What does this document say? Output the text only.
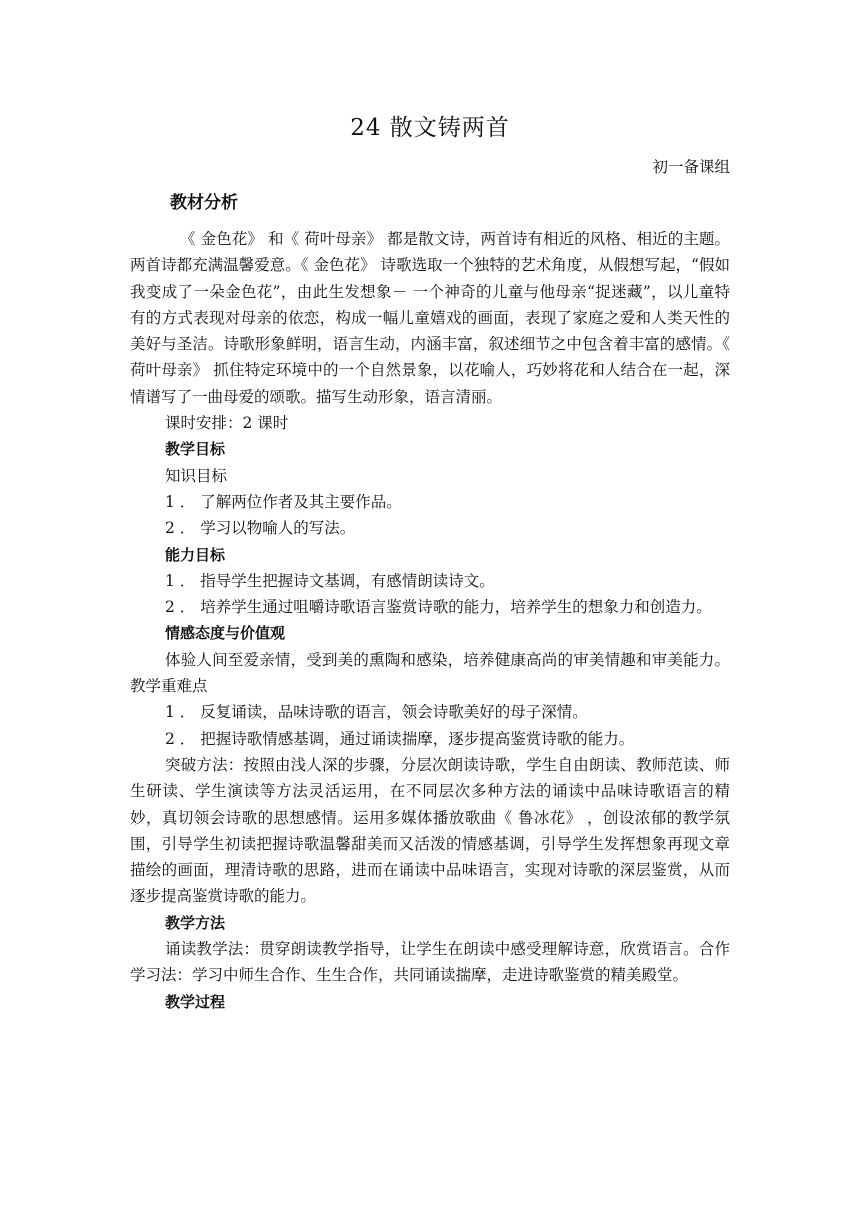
24 散文铸两首
初一备课组
教材分析

《 金色花》 和《 荷叶母亲》 都是散文诗，两首诗有相近的风格、相近的主题。两首诗都充满温馨爱意。《 金色花》 诗歌选取一个独特的艺术角度，从假想写起，“假如我变成了一朵金色花”，由此生发想象－ 一个神奇的儿童与他母亲“捉迷藏”，以儿童特有的方式表现对母亲的依恋，构成一幅儿童嬉戏的画面，表现了家庭之爱和人类天性的美好与圣洁。诗歌形象鲜明，语言生动，内涵丰富，叙述细节之中包含着丰富的感情。《 荷叶母亲》 抓住特定环境中的一个自然景象，以花喻人，巧妙将花和人结合在一起，深情谱写了一曲母爱的颂歌。描写生动形象，语言清丽。

课时安排：2 课时

教学目标

知识目标

1 ． 了解两位作者及其主要作品。

2 ． 学习以物喻人的写法。

能力目标

1 ． 指导学生把握诗文基调，有感情朗读诗文。

2 ． 培养学生通过咀嚼诗歌语言鉴赏诗歌的能力，培养学生的想象力和创造力。

情感态度与价值观

体验人间至爱亲情，受到美的熏陶和感染，培养健康高尚的审美情趣和审美能力。教学重难点

1 ． 反复诵读，品味诗歌的语言，领会诗歌美好的母子深情。

2 ． 把握诗歌情感基调，通过诵读揣摩，逐步提高鉴赏诗歌的能力。

突破方法：按照由浅人深的步骤，分层次朗读诗歌，学生自由朗读、教师范读、师生研读、学生演读等方法灵活运用，在不同层次多种方法的诵读中品味诗歌语言的精妙，真切领会诗歌的思想感情。运用多媒体播放歌曲《 鲁冰花》 ，创设浓郁的教学氛围，引导学生初读把握诗歌温馨甜美而又活泼的情感基调，引导学生发挥想象再现文章描绘的画面，理清诗歌的思路，进而在诵读中品味语言，实现对诗歌的深层鉴赏，从而逐步提高鉴赏诗歌的能力。

教学方法

诵读教学法：贯穿朗读教学指导，让学生在朗读中感受理解诗意，欣赏语言。合作学习法：学习中师生合作、生生合作，共同诵读揣摩，走进诗歌鉴赏的精美殿堂。

教学过程
